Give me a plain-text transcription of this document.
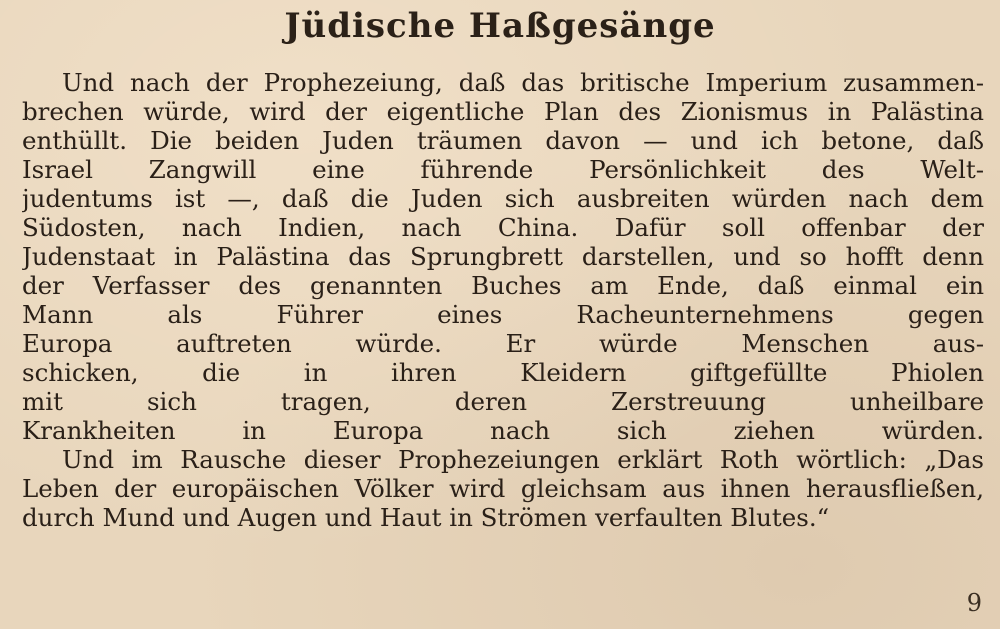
Jüdische Haßgesänge
Und nach der Prophezeiung, daß das britische Imperium zusammen-
brechen würde, wird der eigentliche Plan des Zionismus in Palästina
enthüllt. Die beiden Juden träumen davon — und ich betone, daß
Israel Zangwill eine führende Persönlichkeit des Welt-
judentums ist —, daß die Juden sich ausbreiten würden nach dem
Südosten, nach Indien, nach China. Dafür soll offenbar der
Judenstaat in Palästina das Sprungbrett darstellen, und so hofft denn
der Verfasser des genannten Buches am Ende, daß einmal ein
Mann als Führer eines Racheunternehmens gegen
Europa auftreten würde. Er würde Menschen aus-
schicken, die in ihren Kleidern giftgefüllte Phiolen
mit sich tragen, deren Zerstreuung unheilbare
Krankheiten in Europa nach sich ziehen würden.
Und im Rausche dieser Prophezeiungen erklärt Roth wörtlich: „Das
Leben der europäischen Völker wird gleichsam aus ihnen herausfließen,
durch Mund und Augen und Haut in Strömen verfaulten Blutes.“
9
